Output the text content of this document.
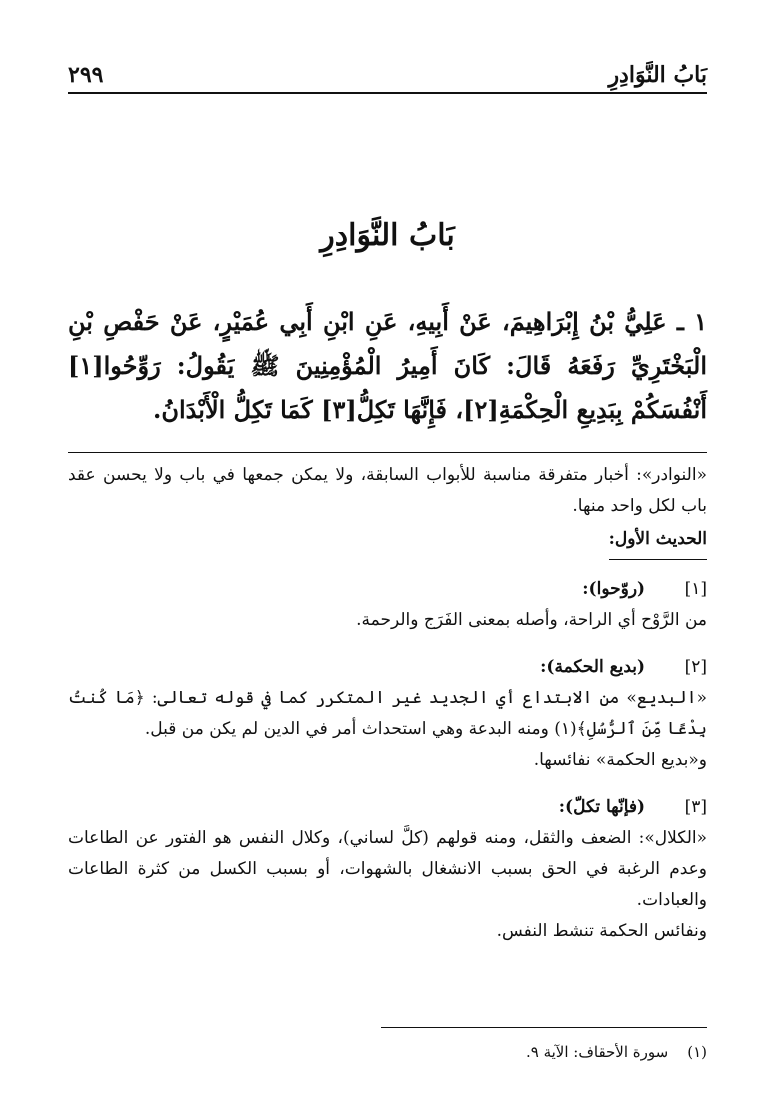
بَابُ النَّوَادِرِ
٢٩٩
بَابُ النَّوَادِرِ
١ ـ عَلِيُّ بْنُ إِبْرَاهِيمَ، عَنْ أَبِيهِ، عَنِ ابْنِ أَبِي عُمَيْرٍ، عَنْ حَفْصِ بْنِ الْبَخْتَرِيِّ رَفَعَهُ قَالَ: كَانَ أَمِيرُ الْمُؤْمِنِينَ ﷺ يَقُولُ: رَوِّحُوا[١] أَنْفُسَكُمْ بِبَدِيعِ الْحِكْمَةِ[٢]، فَإِنَّهَا تَكِلُّ[٣] كَمَا تَكِلُّ الْأَبْدَانُ.

«النوادر»: أخبار متفرقة مناسبة للأبواب السابقة، ولا يمكن جمعها في باب ولا يحسن عقد باب لكل واحد منها.

الحديث الأول:
[١] (روّحوا):

من الرَّوْح أي الراحة، وأصله بمعنى الفَرَج والرحمة.

[٢] (بديع الحكمة):

«البديع» من الابتداع أي الجديد غير المتكرر كما في قوله تعالى: ﴿مَا كُنتُ بِدْعًا مِّنَ ٱلرُّسُلِ﴾(١) ومنه البدعة وهي استحداث أمر في الدين لم يكن من قبل.

و«بديع الحكمة» نفائسها.

[٣] (فإنّها تكلّ):

«الكلال»: الضعف والثقل، ومنه قولهم (كلَّ لساني)، وكلال النفس هو الفتور عن الطاعات وعدم الرغبة في الحق بسبب الانشغال بالشهوات، أو بسبب الكسل من كثرة الطاعات والعبادات.

ونفائس الحكمة تنشط النفس.

(١) سورة الأحقاف: الآية ٩.
